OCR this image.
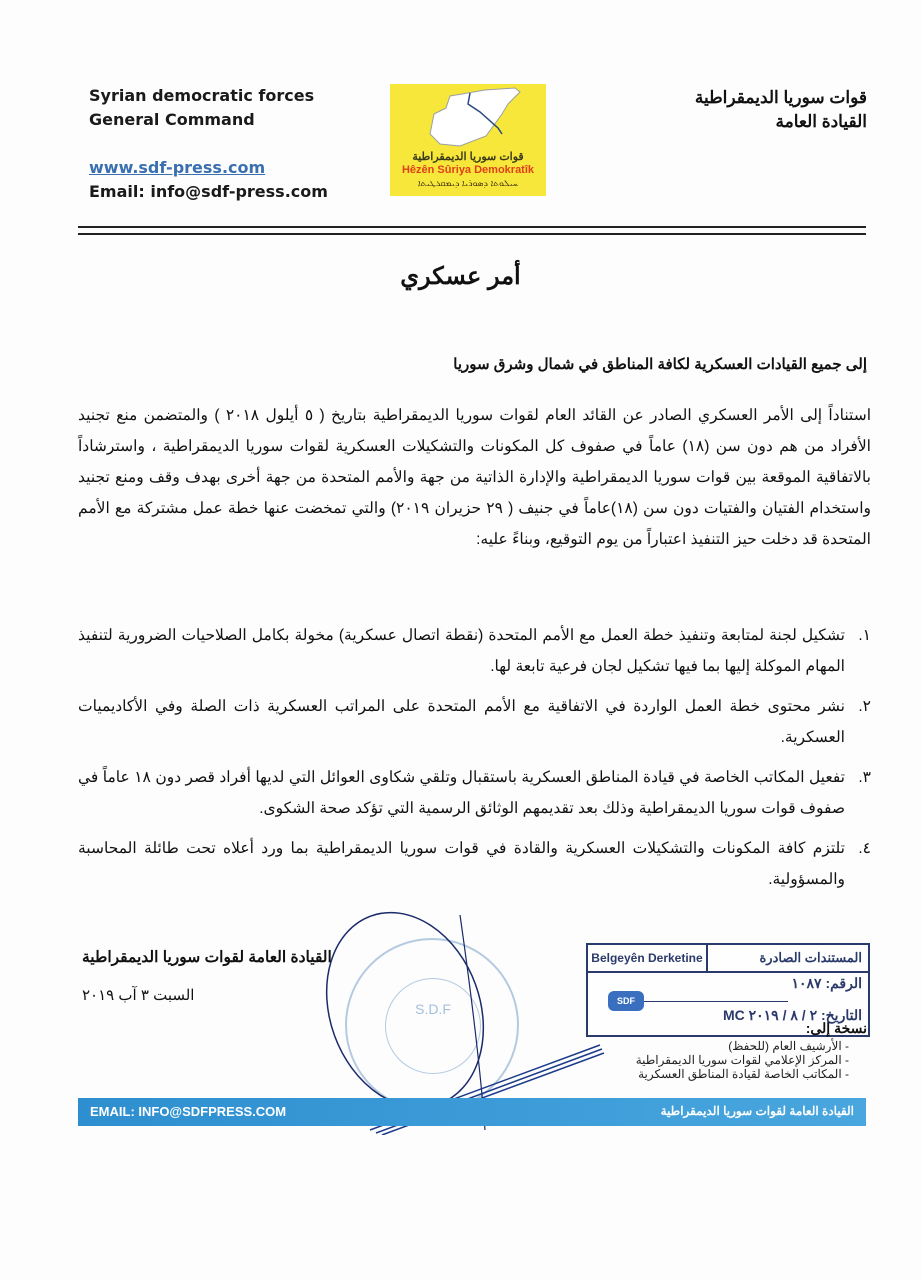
Syrian democratic forces
General Command
www.sdf-press.com
Email: info@sdf-press.com
قوات سوريا الديمقراطية
Hêzên Sûriya Demokratîk
ܚܝܠܘܬܐ ܕܣܘܪܝܐ ܕܝܡܩܪܛܝܬܐ
قوات سوريا الديمقراطية
القيادة العامة
أمر عسكري
إلى جميع القيادات العسكرية لكافة المناطق في شمال وشرق سوريا
استناداً إلى الأمر العسكري الصادر عن القائد العام لقوات سوريا الديمقراطية بتاريخ ( ٥ أيلول ٢٠١٨ ) والمتضمن منع تجنيد الأفراد من هم دون سن (١٨) عاماً في صفوف كل المكونات والتشكيلات العسكرية لقوات سوريا الديمقراطية ، واسترشاداً بالاتفاقية الموقعة بين قوات سوريا الديمقراطية والإدارة الذاتية من جهة والأمم المتحدة من جهة أخرى بهدف وقف ومنع تجنيد واستخدام الفتيان والفتيات دون سن (١٨)عاماً في جنيف ( ٢٩ حزيران ٢٠١٩) والتي تمخضت عنها خطة عمل مشتركة مع الأمم المتحدة قد دخلت حيز التنفيذ اعتباراً من يوم التوقيع، وبناءً عليه:
١.
تشكيل لجنة لمتابعة وتنفيذ خطة العمل مع الأمم المتحدة (نقطة اتصال عسكرية) مخولة بكامل الصلاحيات الضرورية لتنفيذ المهام الموكلة إليها بما فيها تشكيل لجان فرعية تابعة لها.
٢.
نشر محتوى خطة العمل الواردة في الاتفاقية مع الأمم المتحدة على المراتب العسكرية ذات الصلة وفي الأكاديميات العسكرية.
٣.
تفعيل المكاتب الخاصة في قيادة المناطق العسكرية باستقبال وتلقي شكاوى العوائل التي لديها أفراد قصر دون ١٨ عاماً في صفوف قوات سوريا الديمقراطية وذلك بعد تقديمهم الوثائق الرسمية التي تؤكد صحة الشكوى.
٤.
تلتزم كافة المكونات والتشكيلات العسكرية والقادة في قوات سوريا الديمقراطية بما ورد أعلاه تحت طائلة المحاسبة والمسؤولية.
القيادة العامة لقوات سوريا الديمقراطية
السبت ٣ آب ٢٠١٩
S.D.F
Belgeyên Derketine	المستندات الصادرة
الرقم: ١٠٨٧
SDF
التاريخ: ٢ / ٨ / ٢٠١٩ MC
نسخة إلى:
- الأرشيف العام (للحفظ)
- المركز الإعلامي لقوات سوريا الديمقراطية
- المكاتب الخاصة لقيادة المناطق العسكرية
EMAIL: INFO@SDFPRESS.COM	القيادة العامة لقوات سوريا الديمقراطية
